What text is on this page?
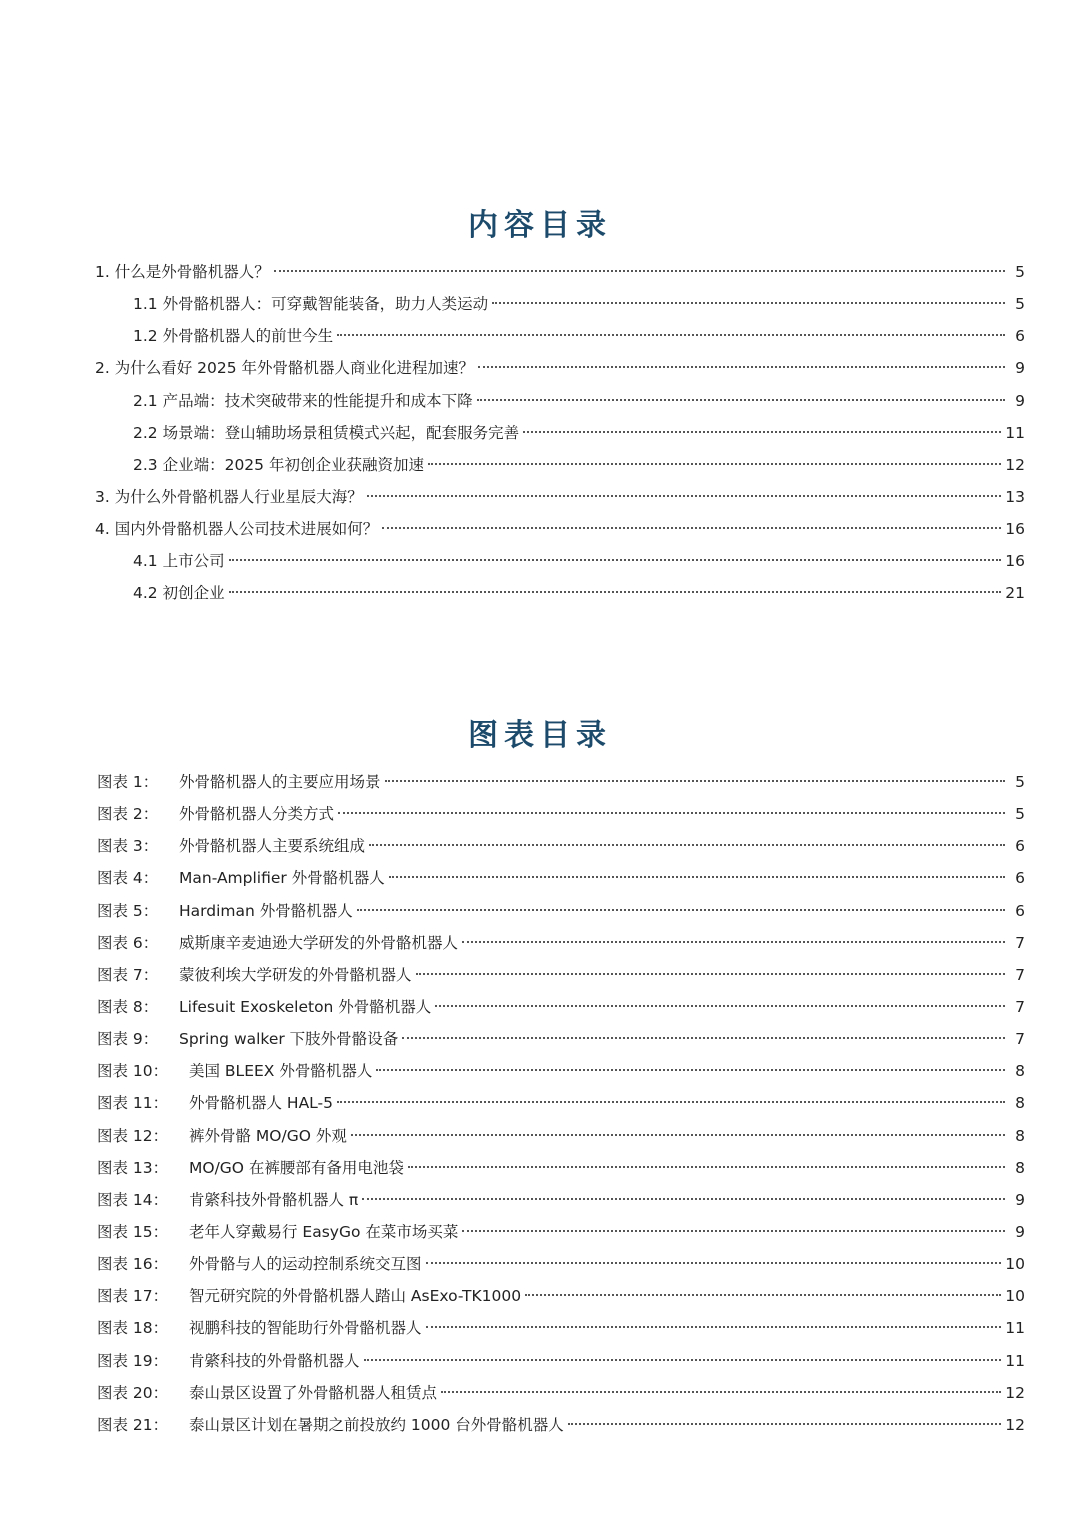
内容目录
1. 什么是外骨骼机器人？	5
1.1 外骨骼机器人：可穿戴智能装备，助力人类运动	5
1.2 外骨骼机器人的前世今生	6
2. 为什么看好 2025 年外骨骼机器人商业化进程加速？	9
2.1 产品端：技术突破带来的性能提升和成本下降	9
2.2 场景端：登山辅助场景租赁模式兴起，配套服务完善	11
2.3 企业端：2025 年初创企业获融资加速	12
3. 为什么外骨骼机器人行业星辰大海？	13
4. 国内外骨骼机器人公司技术进展如何？	16
4.1 上市公司	16
4.2 初创企业	21
图表目录
图表 1：	外骨骼机器人的主要应用场景	5
图表 2：	外骨骼机器人分类方式	5
图表 3：	外骨骼机器人主要系统组成	6
图表 4：	Man-Amplifier 外骨骼机器人	6
图表 5：	Hardiman 外骨骼机器人	6
图表 6：	威斯康辛麦迪逊大学研发的外骨骼机器人	7
图表 7：	蒙彼利埃大学研发的外骨骼机器人	7
图表 8：	Lifesuit Exoskeleton 外骨骼机器人	7
图表 9：	Spring walker 下肢外骨骼设备	7
图表 10：	美国 BLEEX 外骨骼机器人	8
图表 11：	外骨骼机器人 HAL-5	8
图表 12：	裤外骨骼 MO/GO 外观	8
图表 13：	MO/GO 在裤腰部有备用电池袋	8
图表 14：	肯綮科技外骨骼机器人 π	9
图表 15：	老年人穿戴易行 EasyGo 在菜市场买菜	9
图表 16：	外骨骼与人的运动控制系统交互图	10
图表 17：	智元研究院的外骨骼机器人踏山 AsExo-TK1000	10
图表 18：	视鹏科技的智能助行外骨骼机器人	11
图表 19：	肯綮科技的外骨骼机器人	11
图表 20：	泰山景区设置了外骨骼机器人租赁点	12
图表 21：	泰山景区计划在暑期之前投放约 1000 台外骨骼机器人	12
